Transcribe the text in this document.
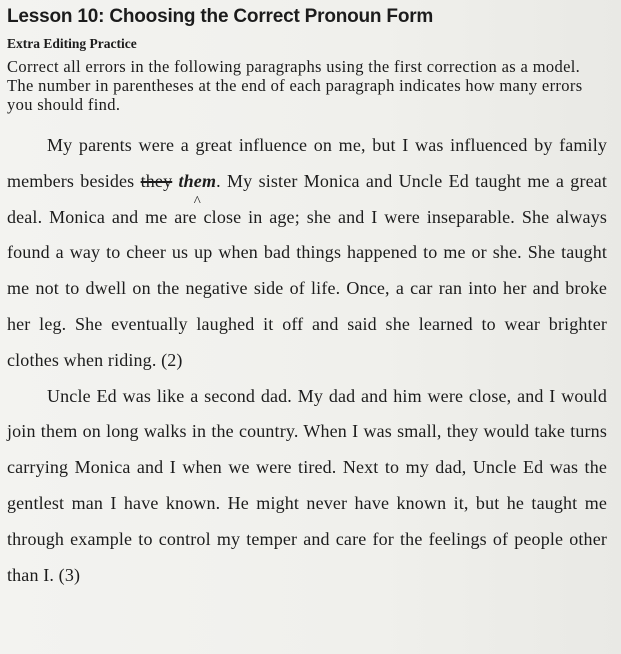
Lesson 10: Choosing the Correct Pronoun Form
Extra Editing Practice

Correct all errors in the following paragraphs using the first correction as a model. The number in parentheses at the end of each paragraph indicates how many errors you should find.

My parents were a great influence on me, but I was influenced by family members besides they them
^
. My sister Monica and Uncle Ed taught me a great deal. Monica and me are close in age; she and I were inseparable. She always found a way to cheer us up when bad things happened to me or she. She taught me not to dwell on the negative side of life. Once, a car ran into her and broke her leg. She eventually laughed it off and said she learned to wear brighter clothes when riding. (2)

Uncle Ed was like a second dad. My dad and him were close, and I would join them on long walks in the country. When I was small, they would take turns carrying Monica and I when we were tired. Next to my dad, Uncle Ed was the gentlest man I have known. He might never have known it, but he taught me through example to control my temper and care for the feelings of people other than I. (3)
